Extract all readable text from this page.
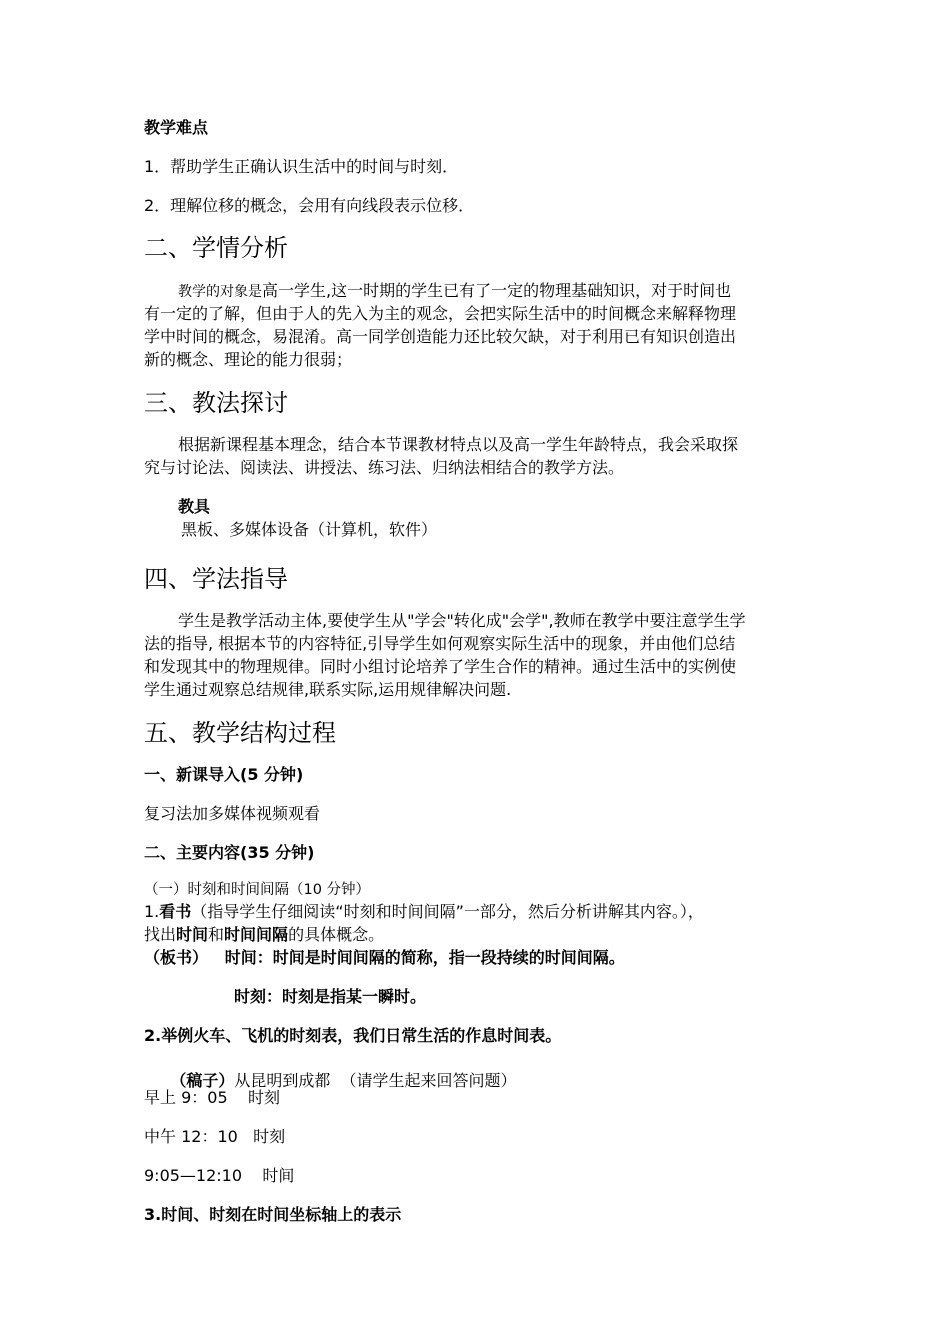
教学难点
1．帮助学生正确认识生活中的时间与时刻．
2．理解位移的概念，会用有向线段表示位移．
二、学情分析
教学的对象是高一学生,这一时期的学生已有了一定的物理基础知识，对于时间也
有一定的了解，但由于人的先入为主的观念，会把实际生活中的时间概念来解释物理
学中时间的概念，易混淆。高一同学创造能力还比较欠缺，对于利用已有知识创造出
新的概念、理论的能力很弱；
三、教法探讨
根据新课程基本理念，结合本节课教材特点以及高一学生年龄特点，我会采取探
究与讨论法、阅读法、讲授法、练习法、归纳法相结合的教学方法。
教具
黑板、多媒体设备（计算机，软件）
四、学法指导
学生是教学活动主体,要使学生从"学会"转化成"会学",教师在教学中要注意学生学
法的指导, 根据本节的内容特征,引导学生如何观察实际生活中的现象，并由他们总结
和发现其中的物理规律。同时小组讨论培养了学生合作的精神。通过生活中的实例使
学生通过观察总结规律,联系实际,运用规律解决问题.
五、教学结构过程
一、新课导入(5 分钟)
复习法加多媒体视频观看
二、主要内容(35 分钟)
（一）时刻和时间间隔（10 分钟）
1.看书（指导学生仔细阅读“时刻和时间间隔”一部分，然后分析讲解其内容。），
找出时间和时间间隔的具体概念。
（板书）   时间：时间是时间间隔的简称，指一段持续的时间间隔。
时刻：时刻是指某一瞬时。
2.举例火车、飞机的时刻表，我们日常生活的作息时间表。

（稿子）从昆明到成都  （请学生起来回答问题）

早上 9：05    时刻
中午 12：10   时刻
9:05—12:10    时间
3.时间、时刻在时间坐标轴上的表示
